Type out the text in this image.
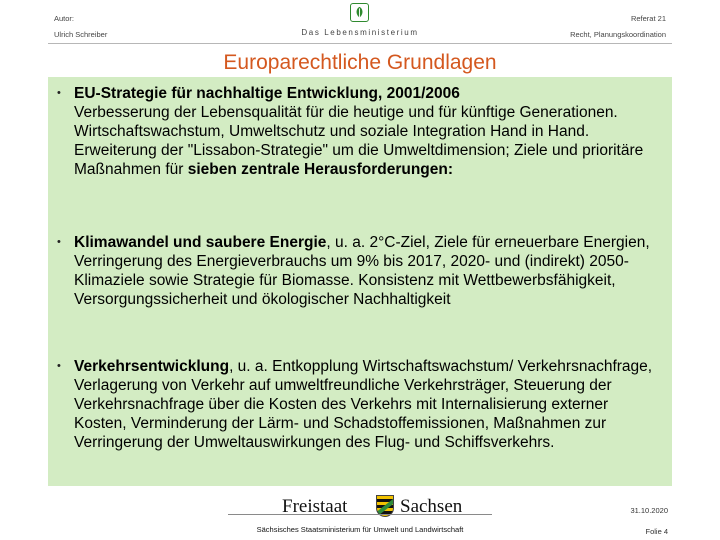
Autor:
Ulrich Schreiber	Das Lebensministerium
Referat 21
Recht, Planungskoordination
Europarechtliche Grundlagen
• EU-Strategie für nachhaltige Entwicklung, 2001/2006
Verbesserung der Lebensqualität für die heutige und für künftige Generationen. Wirtschaftswachstum, Umweltschutz und soziale Integration Hand in Hand. Erweiterung der "Lissabon-Strategie" um die Umweltdimension; Ziele und prioritäre Maßnahmen für sieben zentrale Herausforderungen:
• Klimawandel und saubere Energie, u. a. 2°C-Ziel, Ziele für erneuerbare Energien, Verringerung des Energieverbrauchs um 9% bis 2017, 2020- und (indirekt) 2050-Klimaziele sowie Strategie für Biomasse. Konsistenz mit Wettbewerbsfähigkeit, Versorgungssicherheit und ökologischer Nachhaltigkeit
• Verkehrsentwicklung, u. a. Entkopplung Wirtschaftswachstum/ Verkehrsnachfrage, Verlagerung von Verkehr auf umweltfreundliche Verkehrsträger, Steuerung der Verkehrsnachfrage über die Kosten des Verkehrs mit Internalisierung externer Kosten, Verminderung der Lärm- und Schadstoffemissionen, Maßnahmen zur Verringerung der Umweltauswirkungen des Flug- und Schiffsverkehrs.
Freistaat	Sachsen
Sächsisches Staatsministerium für Umwelt und Landwirtschaft
31.10.2020
Folie 4
